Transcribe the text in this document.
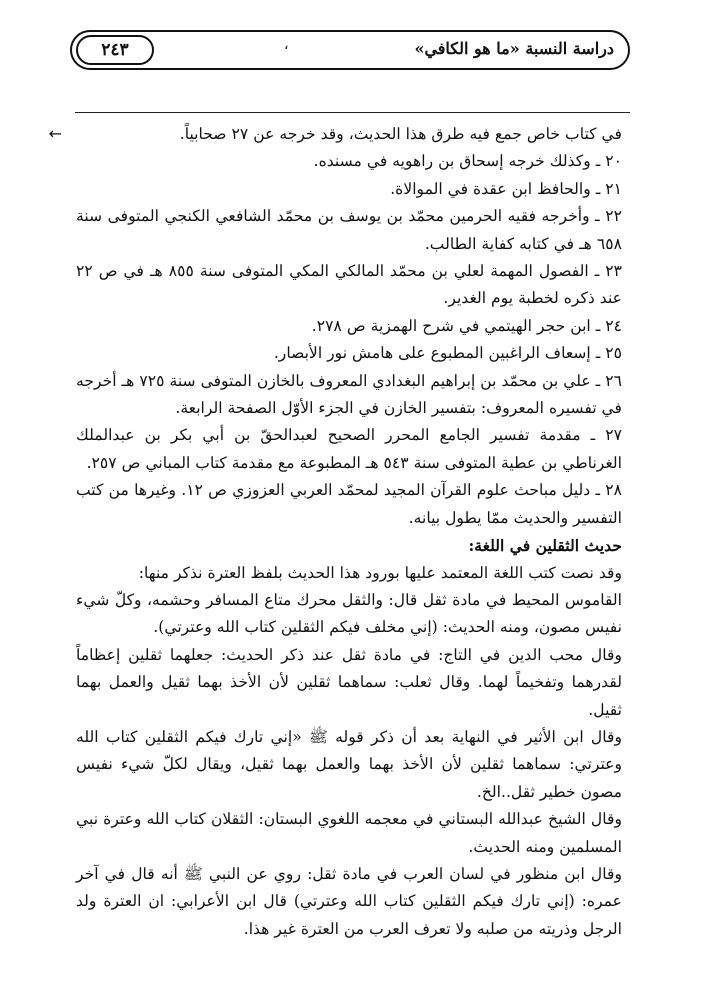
دراسة النسبة «ما هو الكافي»
،
٢٤٣
←	في كتاب خاص جمع فيه طرق هذا الحديث، وقد خرجه عن ٢٧ صحابياً.

٢٠ ـ وكذلك خرجه إسحاق بن راهويه في مسنده.

٢١ ـ والحافظ ابن عقدة في الموالاة.

٢٢ ـ وأخرجه فقيه الحرمين محمّد بن يوسف بن محمّد الشافعي الكنجي المتوفى سنة ٦٥٨ هـ في كتابه كفاية الطالب.

٢٣ ـ الفصول المهمة لعلي بن محمّد المالكي المكي المتوفى سنة ٨٥٥ هـ في ص ٢٢ عند ذكره لخطبة يوم الغدير.

٢٤ ـ ابن حجر الهيتمي في شرح الهمزية ص ٢٧٨.

٢٥ ـ إسعاف الراغبين المطبوع على هامش نور الأبصار.

٢٦ ـ علي بن محمّد بن إبراهيم البغدادي المعروف بالخازن المتوفى سنة ٧٢٥ هـ أخرجه في تفسيره المعروف: بتفسير الخازن في الجزء الأوّل الصفحة الرابعة.

٢٧ ـ مقدمة تفسير الجامع المحرر الصحيح لعبدالحقّ بن أبي بكر بن عبدالملك الغرناطي بن عطية المتوفى سنة ٥٤٣ هـ المطبوعة مع مقدمة كتاب المباني ص ٢٥٧.

٢٨ ـ دليل مباحث علوم القرآن المجيد لمحمّد العربي العزوزي ص ١٢. وغيرها من كتب التفسير والحديث ممّا يطول بيانه.

حديث الثقلين في اللغة:

وقد نصت كتب اللغة المعتمد عليها بورود هذا الحديث بلفظ العترة نذكر منها:

القاموس المحيط في مادة ثقل قال: والثقل محرك متاع المسافر وحشمه، وكلّ شيء نفيس مصون، ومنه الحديث: (إني مخلف فيكم الثقلين كتاب الله وعترتي).

وقال محب الدين في التاج: في مادة ثقل عند ذكر الحديث: جعلهما ثقلين إعظاماً لقدرهما وتفخيماً لهما. وقال ثعلب: سماهما ثقلين لأن الأخذ بهما ثقيل والعمل بهما ثقيل.

وقال ابن الأثير في النهاية بعد أن ذكر قوله ﷺ «إني تارك فيكم الثقلين كتاب الله وعترتي: سماهما ثقلين لأن الأخذ بهما والعمل بهما ثقيل، ويقال لكلّ شيء نفيس مصون خطير ثقل..الخ.

وقال الشيخ عبدالله البستاني في معجمه اللغوي البستان: الثقلان كتاب الله وعترة نبي المسلمين ومنه الحديث.

وقال ابن منظور في لسان العرب في مادة ثقل: روي عن النبي ﷺ أنه قال في آخر عمره: (إني تارك فيكم الثقلين كتاب الله وعترتي) قال ابن الأعرابي: ان العترة ولد الرجل وذريته من صلبه ولا تعرف العرب من العترة غير هذا.
